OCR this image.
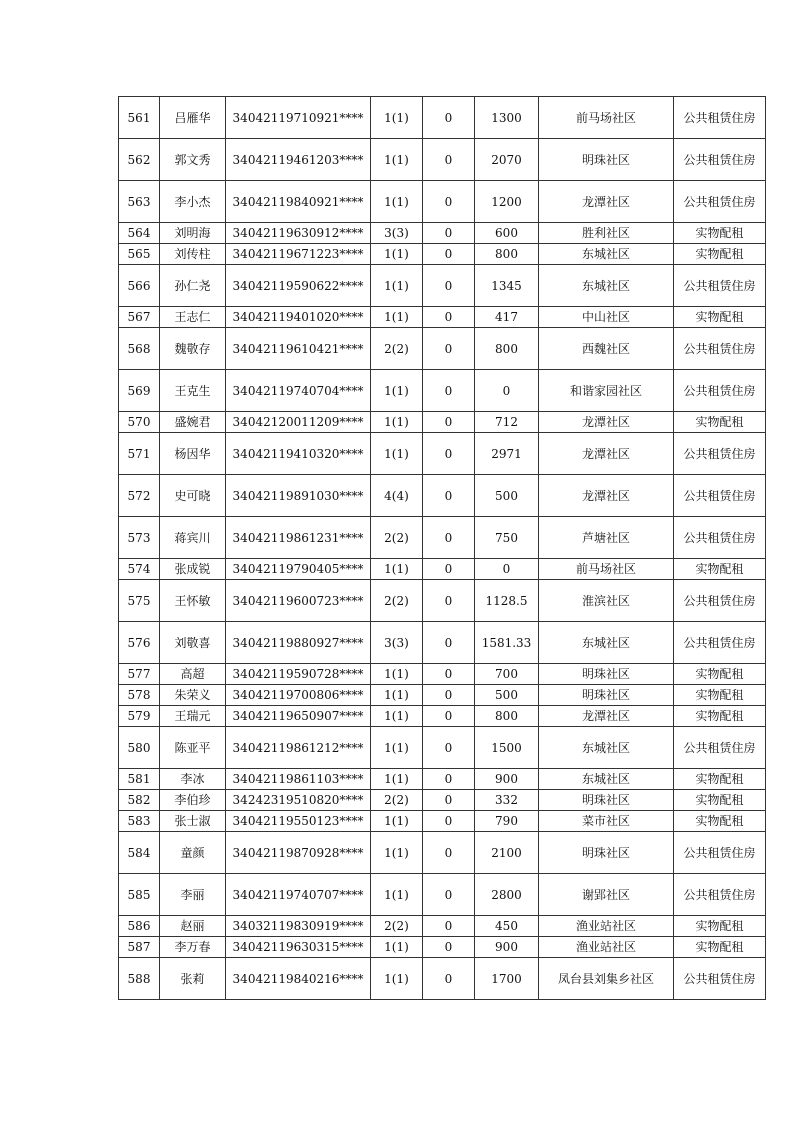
561	吕雁华	34042119710921****	1(1)	0	1300	前马场社区	公共租赁住房

562	郭文秀	34042119461203****	1(1)	0	2070	明珠社区	公共租赁住房

563	李小杰	34042119840921****	1(1)	0	1200	龙潭社区	公共租赁住房

564	刘明海	34042119630912****	3(3)	0	600	胜利社区	实物配租

565	刘传柱	34042119671223****	1(1)	0	800	东城社区	实物配租

566	孙仁尧	34042119590622****	1(1)	0	1345	东城社区	公共租赁住房

567	王志仁	34042119401020****	1(1)	0	417	中山社区	实物配租

568	魏敬存	34042119610421****	2(2)	0	800	西魏社区	公共租赁住房

569	王克生	34042119740704****	1(1)	0	0	和谐家园社区	公共租赁住房

570	盛婉君	34042120011209****	1(1)	0	712	龙潭社区	实物配租

571	杨因华	34042119410320****	1(1)	0	2971	龙潭社区	公共租赁住房

572	史可晓	34042119891030****	4(4)	0	500	龙潭社区	公共租赁住房

573	蒋宾川	34042119861231****	2(2)	0	750	芦塘社区	公共租赁住房

574	张成锐	34042119790405****	1(1)	0	0	前马场社区	实物配租

575	王怀敏	34042119600723****	2(2)	0	1128.5	淮滨社区	公共租赁住房

576	刘敬喜	34042119880927****	3(3)	0	1581.33	东城社区	公共租赁住房

577	高超	34042119590728****	1(1)	0	700	明珠社区	实物配租

578	朱荣义	34042119700806****	1(1)	0	500	明珠社区	实物配租

579	王瑞元	34042119650907****	1(1)	0	800	龙潭社区	实物配租

580	陈亚平	34042119861212****	1(1)	0	1500	东城社区	公共租赁住房

581	李冰	34042119861103****	1(1)	0	900	东城社区	实物配租

582	李伯珍	34242319510820****	2(2)	0	332	明珠社区	实物配租

583	张士淑	34042119550123****	1(1)	0	790	菜市社区	实物配租

584	童颜	34042119870928****	1(1)	0	2100	明珠社区	公共租赁住房

585	李丽	34042119740707****	1(1)	0	2800	谢郢社区	公共租赁住房

586	赵丽	34032119830919****	2(2)	0	450	渔业站社区	实物配租

587	李万春	34042119630315****	1(1)	0	900	渔业站社区	实物配租

588	张莉	34042119840216****	1(1)	0	1700	凤台县刘集乡社区	公共租赁住房
